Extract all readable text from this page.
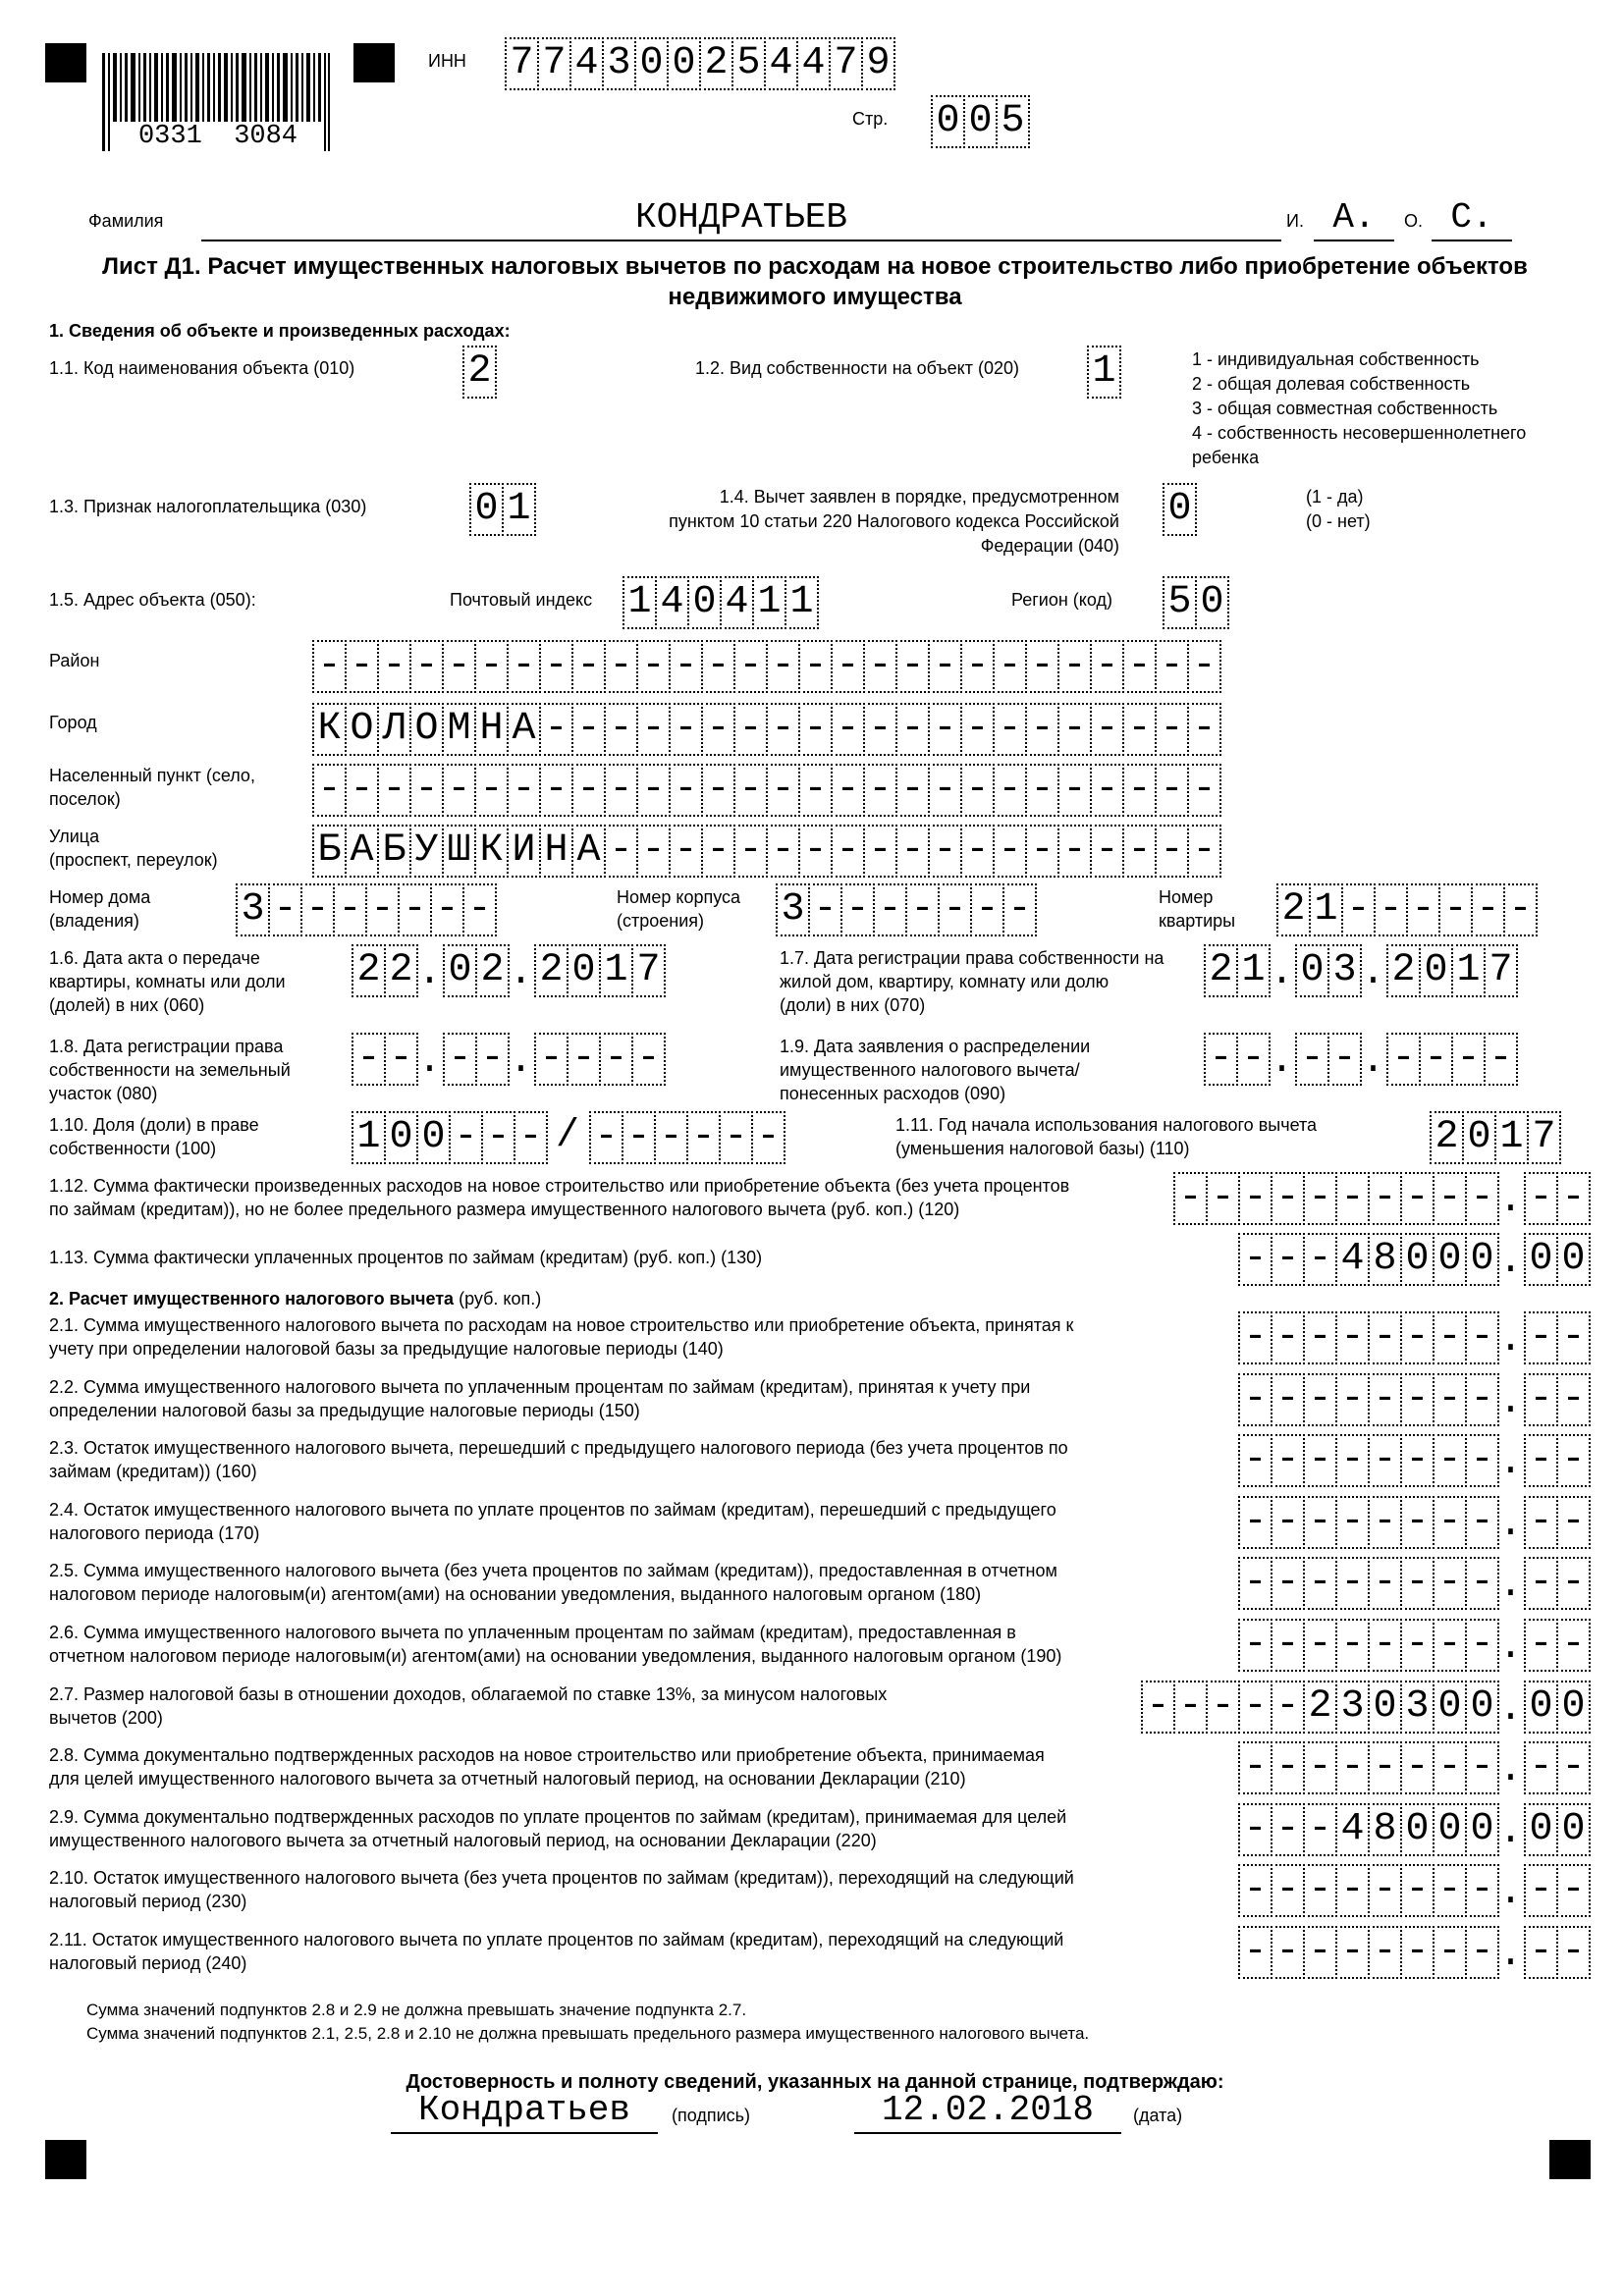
0331  3084
ИНН 7 7 4 3 0 0 2 5 4 4 7 9
Стр. 0 0 5
Фамилия	КОНДРАТЬЕВ	И. А.	О. С.
Лист Д1. Расчет имущественных налоговых вычетов по расходам на новое строительство либо приобретение объектов
недвижимого имущества
1. Сведения об объекте и произведенных расходах:
1.1. Код наименования объекта (010)	2	1.2. Вид собственности на объект (020) 1	1 - индивидуальная собственность
2 - общая долевая собственность
3 - общая совместная собственность
4 - собственность несовершеннолетнего
ребенка
1.3. Признак налогоплательщика (030)	0 1	1.4. Вычет заявлен в порядке, предусмотренном
пунктом 10 статьи 220 Налогового кодекса Российской
Федерации (040)
0	(1 - да)
(0 - нет)
1.5. Адрес объекта (050):	Почтовый индекс 1 4 0 4 1 1	Регион (код) 5 0
Район	- - - - - - - - - - - - - - - - - - - - - - - - - - - -
Город	К О Л О М Н А - - - - - - - - - - - - - - - - - - - - -
Населенный пункт (село,
поселок)	- - - - - - - - - - - - - - - - - - - - - - - - - - - -
Улица
(проспект, переулок)	Б А Б У Ш К И Н А - - - - - - - - - - - - - - - - - - -
Номер дома
(владения)	3 - - - - - - -	Номер корпуса
(строения)	3 - - - - - - -	Номер
квартиры 2 1 - - - - - -
1.6. Дата акта о передаче
квартиры, комнаты или доли
(долей) в них (060)
2 2 . 0 2 . 2 0 1 7	1.7. Дата регистрации права собственности на
жилой дом, квартиру, комнату или долю
(доли) в них (070)
2 1 . 0 3 . 2 0 1 7
1.8. Дата регистрации права
собственности на земельный
участок (080)
- - . - - . - - - -	1.9. Дата заявления о распределении
имущественного налогового вычета/
понесенных расходов (090)
- - . - - . - - - -
1.10. Доля (доли) в праве
собственности (100)	1 0 0 - - - / - - - - - -	1.11. Год начала использования налогового вычета
(уменьшения налоговой базы) (110)	2 0 1 7
1.12. Сумма фактически произведенных расходов на новое строительство или приобретение объекта (без учета процентов
по займам (кредитам)), но не более предельного размера имущественного налогового вычета (руб. коп.) (120)	- - - - - - - - - - . - -
1.13. Сумма фактически уплаченных процентов по займам (кредитам) (руб. коп.) (130)	- - - 4 8 0 0 0 . 0 0
2. Расчет имущественного налогового вычета (руб. коп.)
2.1. Сумма имущественного налогового вычета по расходам на новое строительство или приобретение объекта, принятая к
учету при определении налоговой базы за предыдущие налоговые периоды (140)	- - - - - - - - . - -
2.2. Сумма имущественного налогового вычета по уплаченным процентам по займам (кредитам), принятая к учету при
определении налоговой базы за предыдущие налоговые периоды (150)	- - - - - - - - . - -
2.3. Остаток имущественного налогового вычета, перешедший с предыдущего налогового периода (без учета процентов по
займам (кредитам)) (160)	- - - - - - - - . - -
2.4. Остаток имущественного налогового вычета по уплате процентов по займам (кредитам), перешедший с предыдущего
налогового периода (170)	- - - - - - - - . - -
2.5. Сумма имущественного налогового вычета (без учета процентов по займам (кредитам)), предоставленная в отчетном
налоговом периоде налоговым(и) агентом(ами) на основании уведомления, выданного налоговым органом (180)	- - - - - - - - . - -
2.6. Сумма имущественного налогового вычета по уплаченным процентам по займам (кредитам), предоставленная в
отчетном налоговом периоде налоговым(и) агентом(ами) на основании уведомления, выданного налоговым органом (190)	- - - - - - - - . - -
2.7. Размер налоговой базы в отношении доходов, облагаемой по ставке 13%, за минусом налоговых
вычетов (200)	- - - - - 2 3 0 3 0 0 . 0 0
2.8. Сумма документально подтвержденных расходов на новое строительство или приобретение объекта, принимаемая
для целей имущественного налогового вычета за отчетный налоговый период, на основании Декларации (210)	- - - - - - - - . - -
2.9. Сумма документально подтвержденных расходов по уплате процентов по займам (кредитам), принимаемая для целей
имущественного налогового вычета за отчетный налоговый период, на основании Декларации (220)	- - - 4 8 0 0 0 . 0 0
2.10. Остаток имущественного налогового вычета (без учета процентов по займам (кредитам)), переходящий на следующий
налоговый период (230)	- - - - - - - - . - -
2.11. Остаток имущественного налогового вычета по уплате процентов по займам (кредитам), переходящий на следующий
налоговый период (240)	- - - - - - - - . - -
Сумма значений подпунктов 2.8 и 2.9 не должна превышать значение подпункта 2.7.
Сумма значений подпунктов 2.1, 2.5, 2.8 и 2.10 не должна превышать предельного размера имущественного налогового вычета.
Достоверность и полноту сведений, указанных на данной странице, подтверждаю:
Кондратьев	(подпись)	12.02.2018	(дата)
